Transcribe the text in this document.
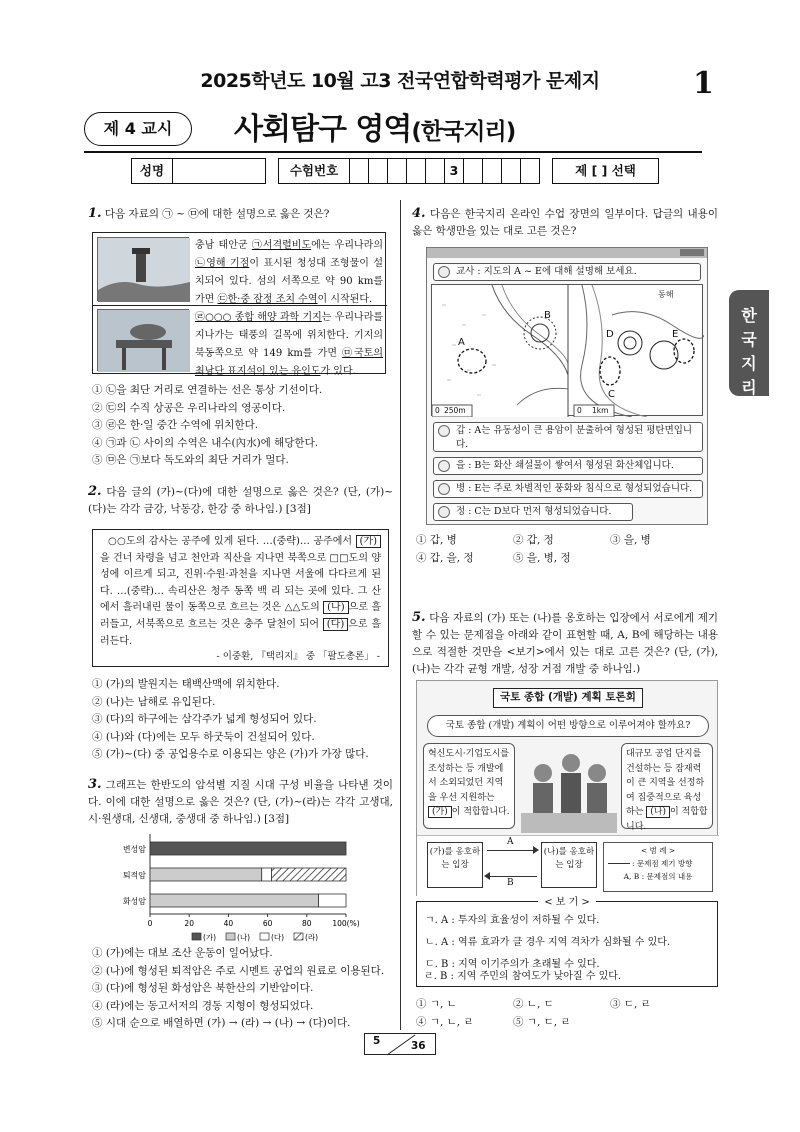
2025학년도 10월 고3 전국연합학력평가 문제지	1
제 4 교시	사회탐구 영역(한국지리)
성명	수험번호	3	제 [ ] 선택
한국지리
1. 다음 자료의 ㉠ ~ ㉤에 대한 설명으로 옳은 것은?
충남 태안군 ㉠서격렬비도에는 우리나라의 ㉡영해 기점이 표시된 청성대 조형물이 설치되어 있다. 섬의 서쪽으로 약 90 km를 가면 ㉢한·중 잠정 조치 수역이 시작된다.
㉣○○○ 종합 해양 과학 기지는 우리나라를 지나가는 태풍의 길목에 위치한다. 기지의 북동쪽으로 약 149 km를 가면 ㉤국토의 최남단 표지석이 있는 유인도가 있다.
① ㉡을 최단 거리로 연결하는 선은 통상 기선이다.
② ㉢의 수직 상공은 우리나라의 영공이다.
③ ㉣은 한·일 중간 수역에 위치한다.
④ ㉠과 ㉡ 사이의 수역은 내수(內水)에 해당한다.
⑤ ㉤은 ㉠보다 독도와의 최단 거리가 멀다.
2. 다음 글의 (가)~(다)에 대한 설명으로 옳은 것은? (단, (가)~(다)는 각각 금강, 낙동강, 한강 중 하나임.) [3점]
○○도의 감사는 공주에 있게 된다. …(중략)… 공주에서 (가)을 건너 차령을 넘고 천안과 직산을 지나면 북쪽으로 □□도의 양성에 이르게 되고, 진위·수원·과천을 지나면 서울에 다다르게 된다. …(중략)… 속리산은 청주 동쪽 백 리 되는 곳에 있다. 그 산에서 흘러내린 물이 동쪽으로 흐르는 것은 △△도의 (나) 으로 흘러들고, 서북쪽으로 흐르는 것은 충주 달천이 되어 (다) 으로 흘러든다.
- 이중환, 『택리지』 중 「팔도총론」 -
① (가)의 발원지는 태백산맥에 위치한다.
② (나)는 남해로 유입된다.
③ (다)의 하구에는 삼각주가 넓게 형성되어 있다.
④ (나)와 (다)에는 모두 하굿둑이 건설되어 있다.
⑤ (가)~(다) 중 공업용수로 이용되는 양은 (가)가 가장 많다.
3. 그래프는 한반도의 암석별 지질 시대 구성 비율을 나타낸 것이다. 이에 대한 설명으로 옳은 것은? (단, (가)~(라)는 각각 고생대, 시·원생대, 신생대, 중생대 중 하나임.) [3점]
변성암
퇴적암
화성암
0	20	40	60	80	100(%)
(가)	(나)	(다)	(라)
① (가)에는 대보 조산 운동이 일어났다.
② (나)에 형성된 퇴적암은 주로 시멘트 공업의 원료로 이용된다.
③ (다)에 형성된 화성암은 북한산의 기반암이다.
④ (라)에는 동고서저의 경동 지형이 형성되었다.
⑤ 시대 순으로 배열하면 (가) → (라) → (나) → (다)이다.
4. 다음은 한국지리 온라인 수업 장면의 일부이다. 답글의 내용이 옳은 학생만을 있는 대로 고른 것은?
교사 : 지도의 A ~ E에 대해 설명해 보세요.
A
B
C
D	E
동해
0 250m	0 1km
갑 : A는 유동성이 큰 용암이 분출하여 형성된 평탄면입니다.
을 : B는 화산 쇄설물이 쌓여서 형성된 화산체입니다.
병 : E는 주로 차별적인 풍화와 침식으로 형성되었습니다.
정 : C는 D보다 먼저 형성되었습니다.
① 갑, 병	② 갑, 정	③ 을, 병
④ 갑, 을, 정	⑤ 을, 병, 정
5. 다음 자료의 (가) 또는 (나)를 옹호하는 입장에서 서로에게 제기할 수 있는 문제점을 아래와 같이 표현할 때, A, B에 해당하는 내용으로 적절한 것만을 <보기>에서 있는 대로 고른 것은? (단, (가), (나)는 각각 균형 개발, 성장 거점 개발 중 하나임.)
국토 종합 (개발) 계획 토론회
국토 종합 (개발) 계획이 어떤 방향으로 이루어져야 할까요?
혁신도시·기업도시를 조성하는 등 개발에서 소외되었던 지역을 우선 지원하는 (가) 이 적합합니다.
대규모 공업 단지를 건설하는 등 잠재력이 큰 지역을 선정하여 집중적으로 육성하는 (나) 이 적합합니다.
(가)를 옹호하는 입장
A
B
(나)를 옹호하는 입장
< 범 례 >
: 문제점 제기 방향
A, B : 문제점의 내용
< 보 기 >
ㄱ. A : 투자의 효율성이 저하될 수 있다.
ㄴ. A : 역류 효과가 클 경우 지역 격차가 심화될 수 있다.
ㄷ. B : 지역 이기주의가 초래될 수 있다.
ㄹ. B : 지역 주민의 참여도가 낮아질 수 있다.
① ㄱ, ㄴ	② ㄴ, ㄷ	③ ㄷ, ㄹ
④ ㄱ, ㄴ, ㄹ	⑤ ㄱ, ㄷ, ㄹ
5	36
